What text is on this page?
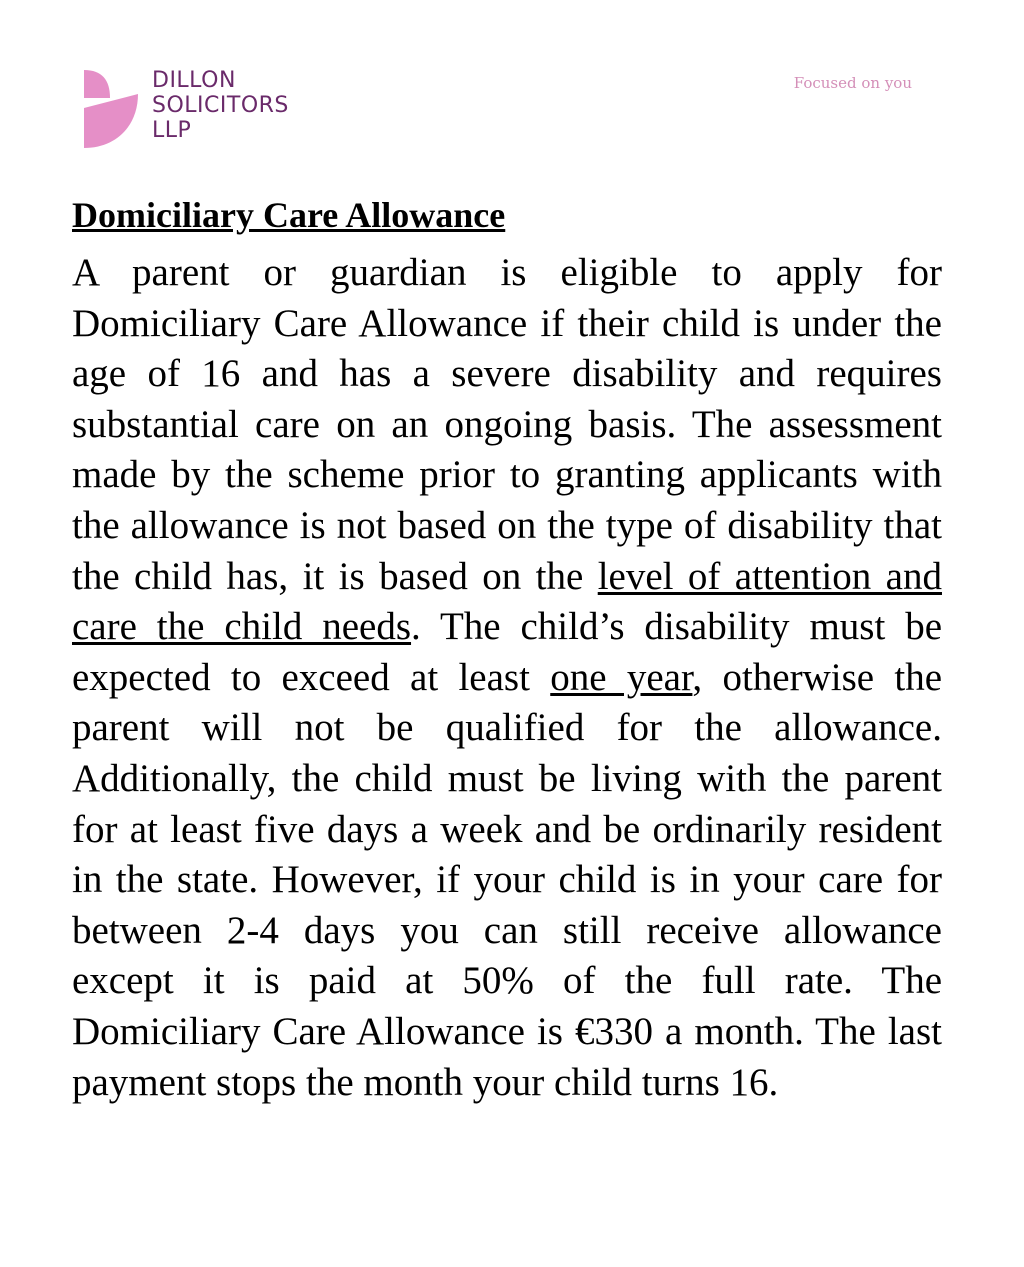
DILLON
SOLICITORS
LLP
Focused on you
Domiciliary Care Allowance

A parent or guardian is eligible to apply for Domiciliary Care Allowance if their child is under the age of 16 and has a severe disability and requires substantial care on an ongoing basis. The assessment made by the scheme prior to granting applicants with the allowance is not based on the type of disability that the child has, it is based on the level of attention and care the child needs. The child’s disability must be expected to exceed at least one year, otherwise the parent will not be qualified for the allowance. Additionally, the child must be living with the parent for at least five days a week and be ordinarily resident in the state. However, if your child is in your care for between 2-4 days you can still receive allowance except it is paid at 50% of the full rate. The Domiciliary Care Allowance is €330 a month. The last payment stops the month your child turns 16.
